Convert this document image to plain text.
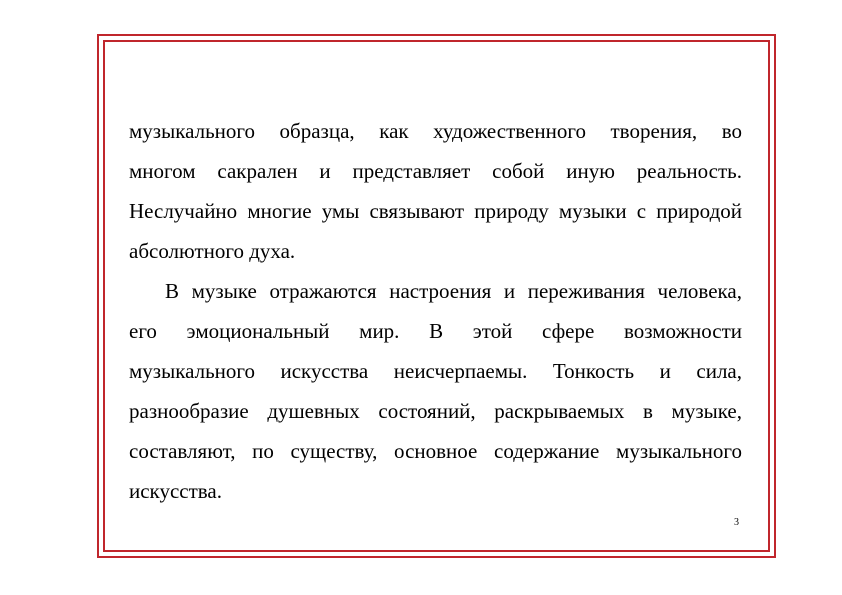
музыкального образца, как художественного творения, во
многом сакрален и представляет собой иную реальность.
Неслучайно многие умы связывают природу музыки с природой
абсолютного духа.
В музыке отражаются настроения и переживания человека,
его эмоциональный мир. В этой сфере возможности
музыкального искусства неисчерпаемы. Тонкость и сила,
разнообразие душевных состояний, раскрываемых в музыке,
составляют, по существу, основное содержание музыкального
искусства.
3
